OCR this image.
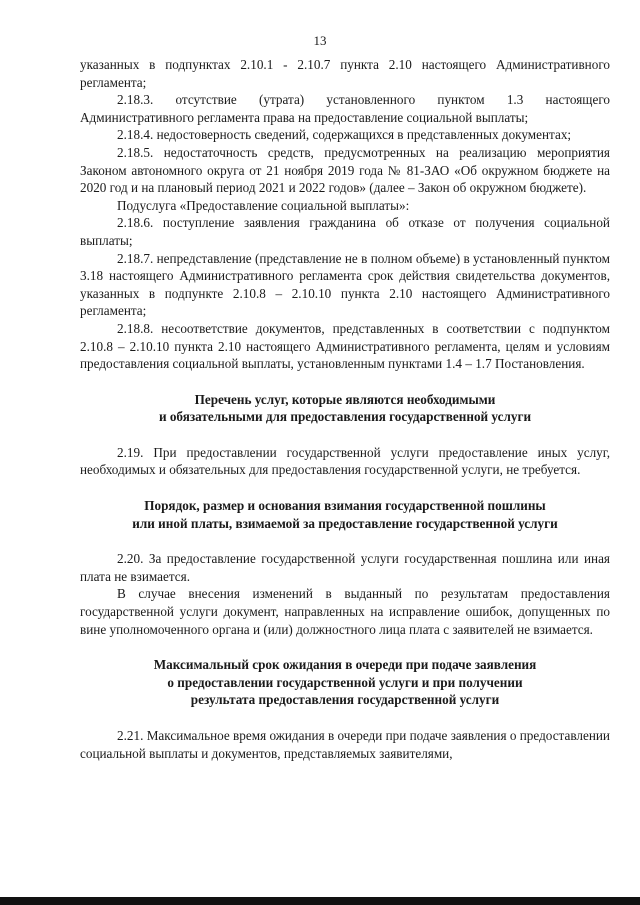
13

указанных в подпунктах 2.10.1 - 2.10.7 пункта 2.10 настоящего Административного регламента;

2.18.3. отсутствие (утрата) установленного пунктом 1.3 настоящего Административного регламента права на предоставление социальной выплаты;

2.18.4. недостоверность сведений, содержащихся в представленных документах;

2.18.5. недостаточность средств, предусмотренных на реализацию мероприятия Законом автономного округа от 21 ноября 2019 года № 81-ЗАО «Об окружном бюджете на 2020 год и на плановый период 2021 и 2022 годов» (далее – Закон об окружном бюджете).

Подуслуга «Предоставление социальной выплаты»:

2.18.6. поступление заявления гражданина об отказе от получения социальной выплаты;

2.18.7. непредставление (представление не в полном объеме) в установленный пунктом 3.18 настоящего Административного регламента срок действия свидетельства документов, указанных в подпункте 2.10.8 – 2.10.10 пункта 2.10 настоящего Административного регламента;

2.18.8. несоответствие документов, представленных в соответствии с подпунктом 2.10.8 – 2.10.10 пункта 2.10 настоящего Административного регламента, целям и условиям предоставления социальной выплаты, установленным пунктами 1.4 – 1.7 Постановления.

Перечень услуг, которые являются необходимыми

и обязательными для предоставления государственной услуги

2.19. При предоставлении государственной услуги предоставление иных услуг, необходимых и обязательных для предоставления государственной услуги, не требуется.

Порядок, размер и основания взимания государственной пошлины

или иной платы, взимаемой за предоставление государственной услуги

2.20. За предоставление государственной услуги государственная пошлина или иная плата не взимается.

В случае внесения изменений в выданный по результатам предоставления государственной услуги документ, направленных на исправление ошибок, допущенных по вине уполномоченного органа и (или) должностного лица плата с заявителей не взимается.

Максимальный срок ожидания в очереди при подаче заявления

о предоставлении государственной услуги и при получении

результата предоставления государственной услуги

2.21. Максимальное время ожидания в очереди при подаче заявления о предоставлении социальной выплаты и документов, представляемых заявителями,
